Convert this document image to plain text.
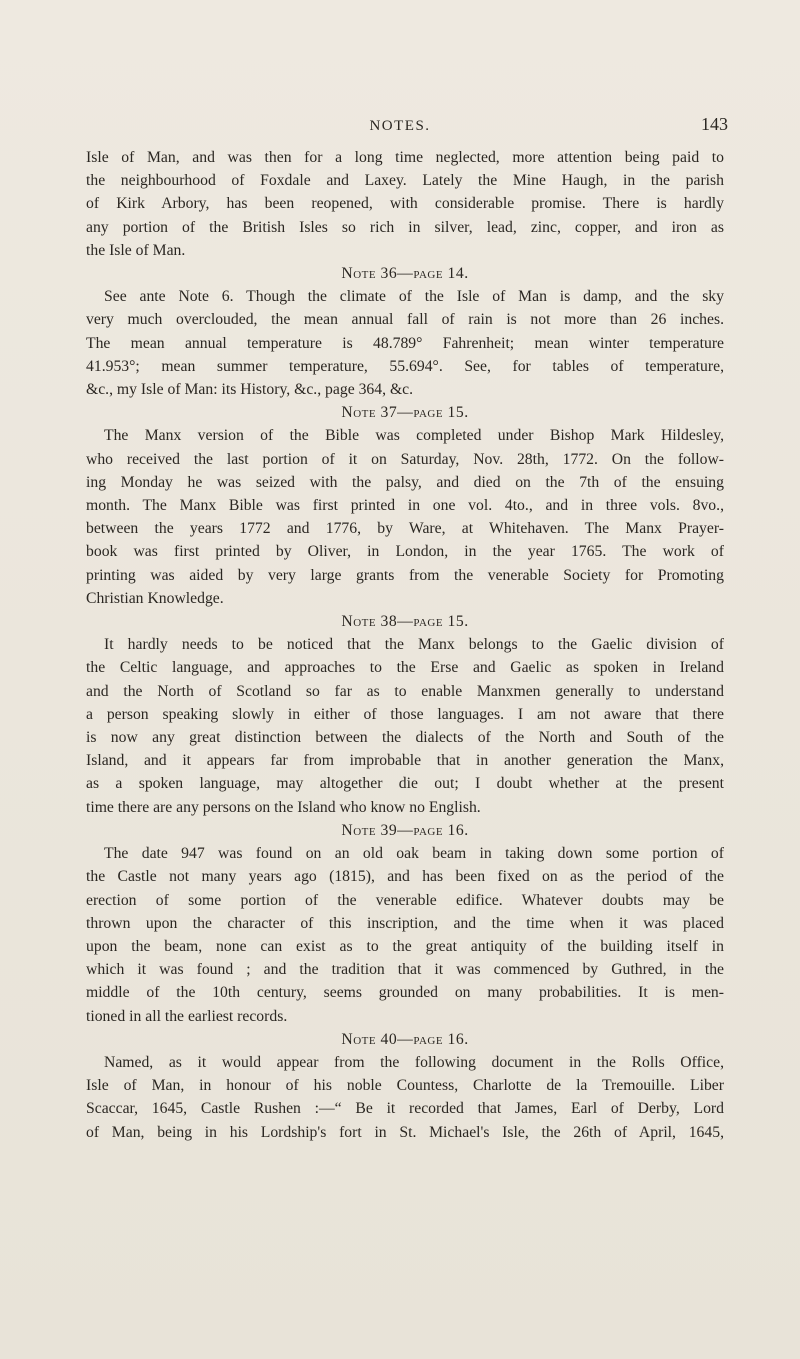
NOTES.	143
Isle of Man, and was then for a long time neglected, more attention being paid to
the neighbourhood of Foxdale and Laxey. Lately the Mine Haugh, in the parish
of Kirk Arbory, has been reopened, with considerable promise. There is hardly
any portion of the British Isles so rich in silver, lead, zinc, copper, and iron as
the Isle of Man.
Note 36—page 14.
See ante Note 6. Though the climate of the Isle of Man is damp, and the sky
very much overclouded, the mean annual fall of rain is not more than 26 inches.
The mean annual temperature is 48.789° Fahrenheit; mean winter temperature
41.953°; mean summer temperature, 55.694°. See, for tables of temperature,
&c., my Isle of Man: its History, &c., page 364, &c.
Note 37—page 15.
The Manx version of the Bible was completed under Bishop Mark Hildesley,
who received the last portion of it on Saturday, Nov. 28th, 1772. On the follow-
ing Monday he was seized with the palsy, and died on the 7th of the ensuing
month. The Manx Bible was first printed in one vol. 4to., and in three vols. 8vo.,
between the years 1772 and 1776, by Ware, at Whitehaven. The Manx Prayer-
book was first printed by Oliver, in London, in the year 1765. The work of
printing was aided by very large grants from the venerable Society for Promoting
Christian Knowledge.
Note 38—page 15.
It hardly needs to be noticed that the Manx belongs to the Gaelic division of
the Celtic language, and approaches to the Erse and Gaelic as spoken in Ireland
and the North of Scotland so far as to enable Manxmen generally to understand
a person speaking slowly in either of those languages. I am not aware that there
is now any great distinction between the dialects of the North and South of the
Island, and it appears far from improbable that in another generation the Manx,
as a spoken language, may altogether die out; I doubt whether at the present
time there are any persons on the Island who know no English.
Note 39—page 16.
The date 947 was found on an old oak beam in taking down some portion of
the Castle not many years ago (1815), and has been fixed on as the period of the
erection of some portion of the venerable edifice. Whatever doubts may be
thrown upon the character of this inscription, and the time when it was placed
upon the beam, none can exist as to the great antiquity of the building itself in
which it was found ; and the tradition that it was commenced by Guthred, in the
middle of the 10th century, seems grounded on many probabilities. It is men-
tioned in all the earliest records.
Note 40—page 16.
Named, as it would appear from the following document in the Rolls Office,
Isle of Man, in honour of his noble Countess, Charlotte de la Tremouille. Liber
Scaccar, 1645, Castle Rushen :—“ Be it recorded that James, Earl of Derby, Lord
of Man, being in his Lordship's fort in St. Michael's Isle, the 26th of April, 1645,
